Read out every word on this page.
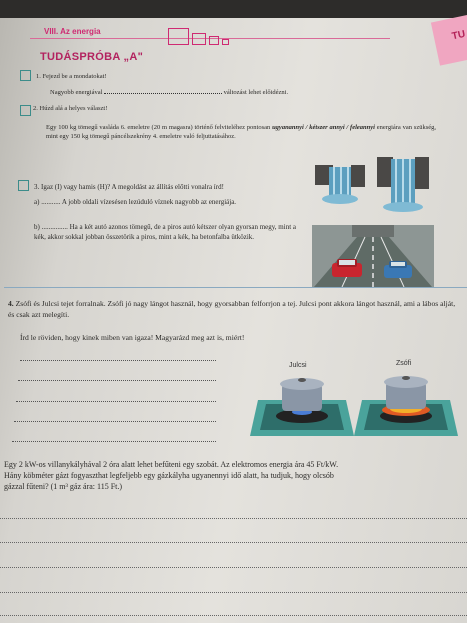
TU
VIII. Az energia
TUDÁSPRÓBA „A"
1. Fejezd be a mondatokat!
Nagyobb energiával	változást lehet előidézni.
2. Húzd alá a helyes választ!
Egy 100 kg tömegű vasláda 6. emeletre (20 m magasra) történő felviteléhez pontosan ugyanannyi / kétszer annyi / feleannyi energiára van szükség, mint egy 150 kg tömegű páncélszekrény 4. emeletre való feljuttatásához.
3. Igaz (I) vagy hamis (H)? A megoldást az állítás előtti vonalra írd!
a) ........... A jobb oldali vízesésen lezúduló víznek nagyobb az energiája.
b) ............... Ha a két autó azonos tömegű, de a piros autó kétszer olyan gyorsan megy, mint a kék, akkor sokkal jobban összetörik a piros, mint a kék, ha betonfalba ütközik.
4. Zsófi és Julcsi tejet forralnak. Zsófi jó nagy lángot használ, hogy gyorsabban felforrjon a tej. Julcsi pont akkora lángot használ, ami a lábos alját, és csak azt melegíti.
Írd le röviden, hogy kinek miben van igaza! Magyarázd meg azt is, miért!
Julcsi	Zsófi
Egy 2 kW-os villanykályhával 2 óra alatt lehet befűteni egy szobát. Az elektromos energia ára 45 Ft/kW.
Hány köbméter gázt fogyaszthat legfeljebb egy gázkályha ugyanennyi idő alatt, ha tudjuk, hogy olcsób
gázzal fűteni? (1 m³ gáz ára: 115 Ft.)
